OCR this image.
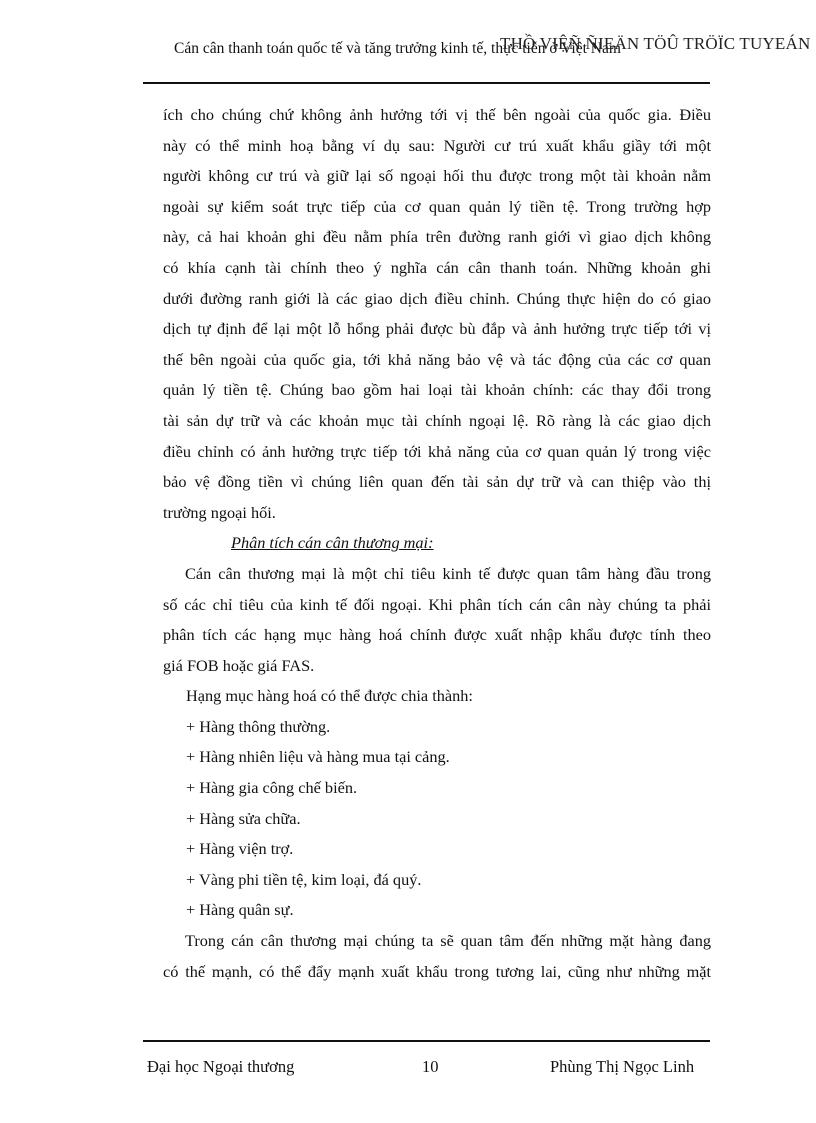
Cán cân thanh toán quốc tế và tăng trưởng kinh tế, thực tiễn ở Việt Nam
THỒ VIỆÑ ÑIEÄN TÖÛ TRÖÏC TUYEÁN

ích cho chúng chứ không ảnh hưởng tới vị thế bên ngoài của quốc gia. Điều

này có thể minh hoạ bằng ví dụ sau: Người cư trú xuất khẩu giầy tới một

người không cư trú và giữ lại số ngoại hối thu được trong một tài khoản nằm

ngoài sự kiểm soát trực tiếp của cơ quan quản lý tiền tệ. Trong trường hợp

này, cả hai khoản ghi đều nằm phía trên đường ranh giới vì giao dịch không

có khía cạnh tài chính theo ý nghĩa cán cân thanh toán. Những khoản ghi

dưới đường ranh giới là các giao dịch điều chỉnh. Chúng thực hiện do có giao

dịch tự định để lại một lỗ hổng phải được bù đắp và ảnh hưởng trực tiếp tới vị

thế bên ngoài của quốc gia, tới khả năng bảo vệ và tác động của các cơ quan

quản lý tiền tệ. Chúng bao gồm hai loại tài khoản chính: các thay đổi trong

tài sản dự trữ và các khoản mục tài chính ngoại lệ. Rõ ràng là các giao dịch

điều chỉnh có ảnh hưởng trực tiếp tới khả năng của cơ quan quản lý trong việc

bảo vệ đồng tiền vì chúng liên quan đến tài sản dự trữ và can thiệp vào thị

trường ngoại hối.

Phân tích cán cân thương mại:

Cán cân thương mại là một chỉ tiêu kinh tế được quan tâm hàng đầu trong

số các chỉ tiêu của kinh tế đối ngoại. Khi phân tích cán cân này chúng ta phải

phân tích các hạng mục hàng hoá chính được xuất nhập khẩu được tính theo

giá FOB hoặc giá FAS.

Hạng mục hàng hoá có thể được chia thành:

+ Hàng thông thường.

+ Hàng nhiên liệu và hàng mua tại cảng.

+ Hàng gia công chế biến.

+ Hàng sửa chữa.

+ Hàng viện trợ.

+ Vàng phi tiền tệ, kim loại, đá quý.

+ Hàng quân sự.

Trong cán cân thương mại chúng ta sẽ quan tâm đến những mặt hàng đang

có thế mạnh, có thể đẩy mạnh xuất khẩu trong tương lai, cũng như những mặt

Đại học Ngoại thương	10	Phùng Thị Ngọc Linh
